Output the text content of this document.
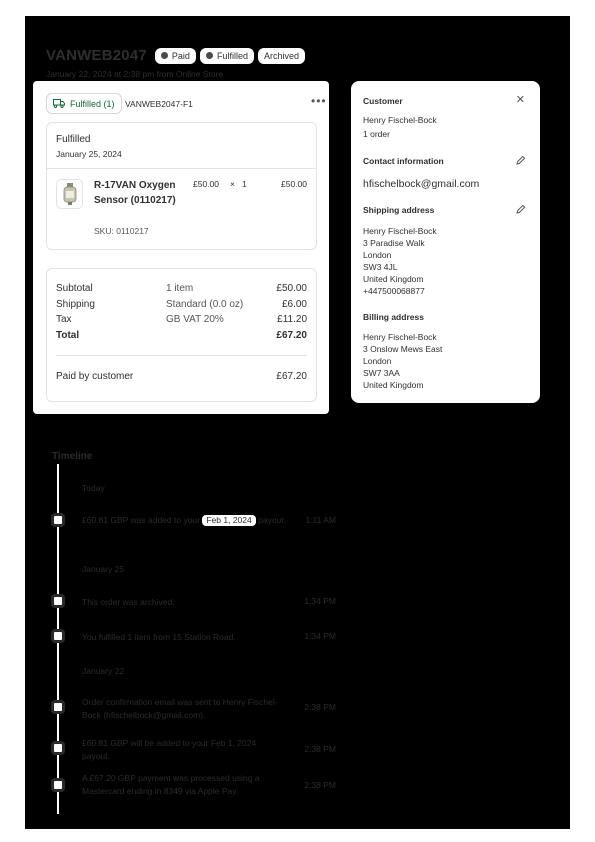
VANWEB2047	Paid	Fulfilled Archived
January 22, 2024 at 2:38 pm from Online Store
Fulfilled (1) VANWEB2047-F1	•••
Fulfilled
January 25, 2024
R-17VAN Oxygen Sensor (0110217)
SKU: 0110217
£50.00 × 1	£50.00
Subtotal	1 item	£50.00
Shipping	Standard (0.0 oz)	£6.00
Tax	GB VAT 20%	£11.20
Total	£67.20
Paid by customer	£67.20
Customer	✕
Henry Fischel-Bock
1 order
Contact information
hfischelbock@gmail.com
Shipping address
Henry Fischel-Bock
3 Paradise Walk
London
SW3 4JL
United Kingdom
+447500068877
Billing address
Henry Fischel-Bock
3 Onslow Mews East
London
SW7 3AA
United Kingdom
Timeline
Today
£60.81 GBP was added to your Feb 1, 2024 payout.	1:11 AM
January 25
This order was archived.	1:34 PM
You fulfilled 1 item from 15 Station Road.	1:34 PM
January 22
Order confirmation email was sent to Henry Fischel-Bock (hfischelbock@gmail.com).
2:38 PM
£60.81 GBP will be added to your Feb 1, 2024 payout.
2:38 PM
A £67.20 GBP payment was processed using a Mastercard ending in 8349 via Apple Pay.
2:38 PM
